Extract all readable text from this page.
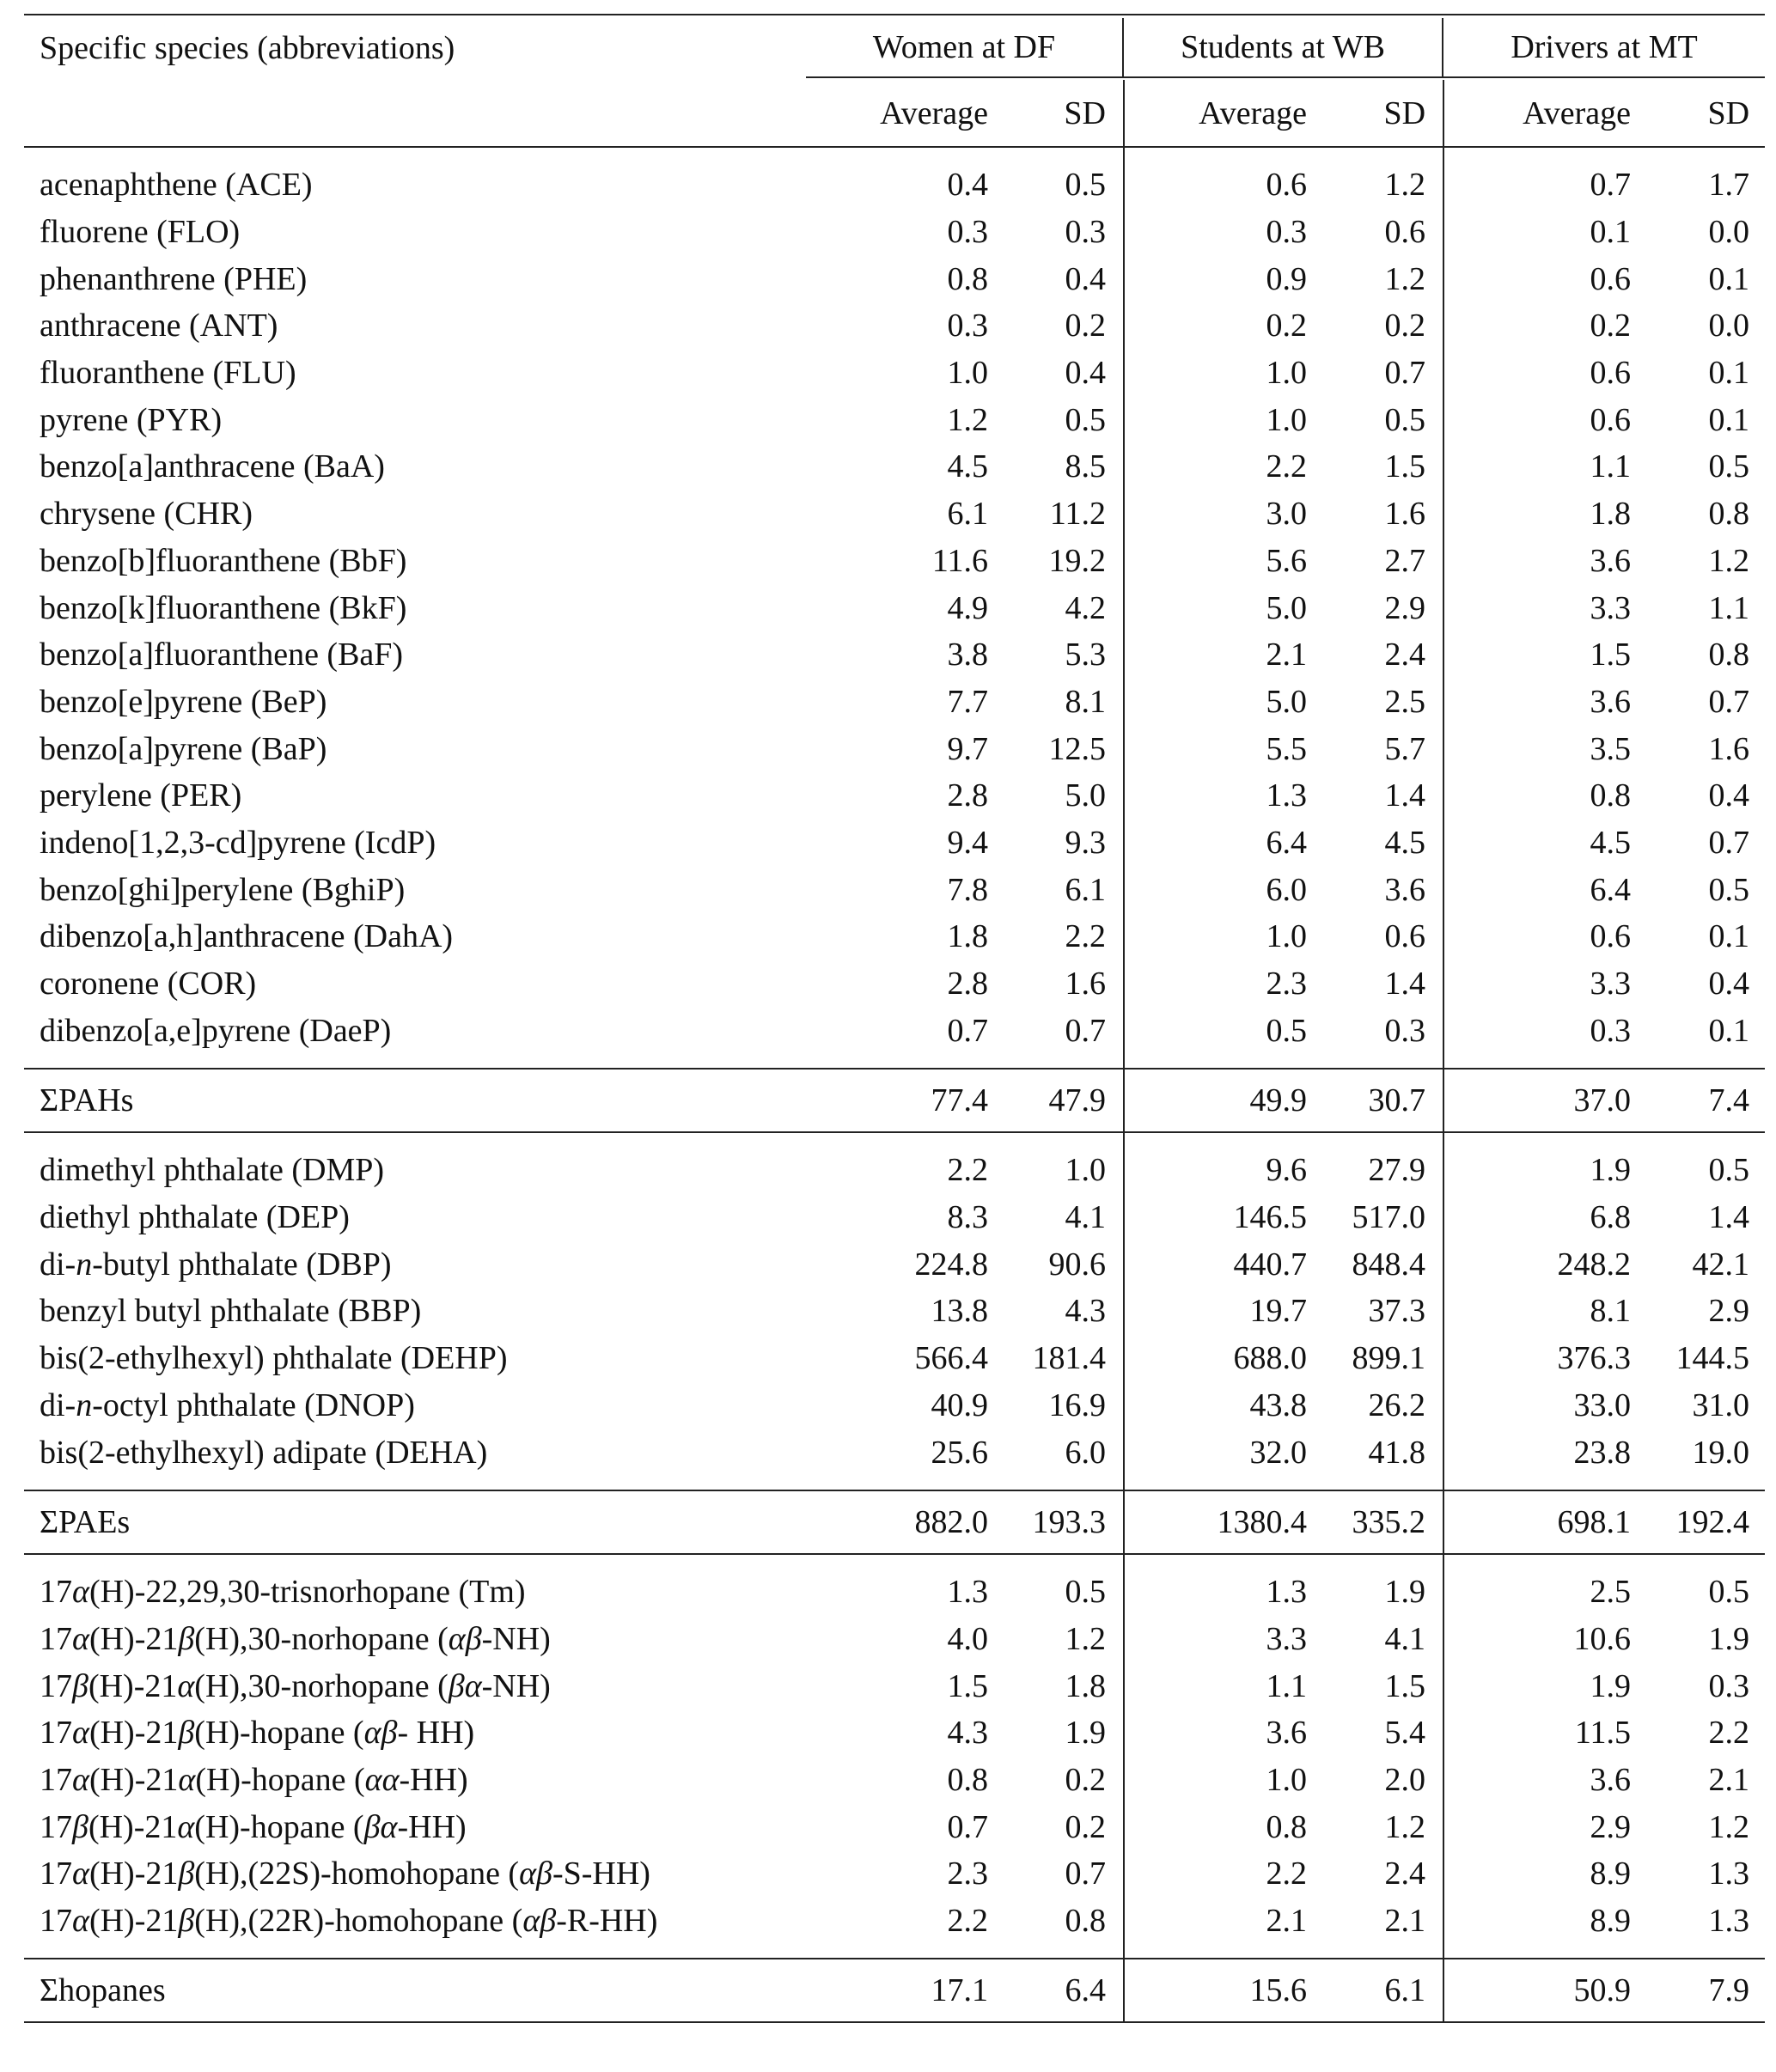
Specific species (abbreviations)	Women at DF		Students at WB		Drivers at MT	

	Average	SD	Average	SD	Average	SD

acenaphthene (ACE)	0.4	0.5	0.6	1.2	0.7	1.7
fluorene (FLO)	0.3	0.3	0.3	0.6	0.1	0.0
phenanthrene (PHE)	0.8	0.4	0.9	1.2	0.6	0.1
anthracene (ANT)	0.3	0.2	0.2	0.2	0.2	0.0
fluoranthene (FLU)	1.0	0.4	1.0	0.7	0.6	0.1
pyrene (PYR)	1.2	0.5	1.0	0.5	0.6	0.1
benzo[a]anthracene (BaA)	4.5	8.5	2.2	1.5	1.1	0.5
chrysene (CHR)	6.1	11.2	3.0	1.6	1.8	0.8
benzo[b]fluoranthene (BbF)	11.6	19.2	5.6	2.7	3.6	1.2
benzo[k]fluoranthene (BkF)	4.9	4.2	5.0	2.9	3.3	1.1
benzo[a]fluoranthene (BaF)	3.8	5.3	2.1	2.4	1.5	0.8
benzo[e]pyrene (BeP)	7.7	8.1	5.0	2.5	3.6	0.7
benzo[a]pyrene (BaP)	9.7	12.5	5.5	5.7	3.5	1.6
perylene (PER)	2.8	5.0	1.3	1.4	0.8	0.4
indeno[1,2,3-cd]pyrene (IcdP)	9.4	9.3	6.4	4.5	4.5	0.7
benzo[ghi]perylene (BghiP)	7.8	6.1	6.0	3.6	6.4	0.5
dibenzo[a,h]anthracene (DahA)	1.8	2.2	1.0	0.6	0.6	0.1
coronene (COR)	2.8	1.6	2.3	1.4	3.3	0.4
dibenzo[a,e]pyrene (DaeP)	0.7	0.7	0.5	0.3	0.3	0.1

ΣPAHs	77.4	47.9	49.9	30.7	37.0	7.4

dimethyl phthalate (DMP)	2.2	1.0	9.6	27.9	1.9	0.5
diethyl phthalate (DEP)	8.3	4.1	146.5	517.0	6.8	1.4
di-n-butyl phthalate (DBP)	224.8	90.6	440.7	848.4	248.2	42.1
benzyl butyl phthalate (BBP)	13.8	4.3	19.7	37.3	8.1	2.9
bis(2-ethylhexyl) phthalate (DEHP)	566.4	181.4	688.0	899.1	376.3	144.5
di-n-octyl phthalate (DNOP)	40.9	16.9	43.8	26.2	33.0	31.0
bis(2-ethylhexyl) adipate (DEHA)	25.6	6.0	32.0	41.8	23.8	19.0

ΣPAEs	882.0	193.3	1380.4	335.2	698.1	192.4

17α(H)-22,29,30-trisnorhopane (Tm)	1.3	0.5	1.3	1.9	2.5	0.5
17α(H)-21β(H),30-norhopane (αβ-NH)	4.0	1.2	3.3	4.1	10.6	1.9
17β(H)-21α(H),30-norhopane (βα-NH)	1.5	1.8	1.1	1.5	1.9	0.3
17α(H)-21β(H)-hopane (αβ- HH)	4.3	1.9	3.6	5.4	11.5	2.2
17α(H)-21α(H)-hopane (αα-HH)	0.8	0.2	1.0	2.0	3.6	2.1
17β(H)-21α(H)-hopane (βα-HH)	0.7	0.2	0.8	1.2	2.9	1.2
17α(H)-21β(H),(22S)-homohopane (αβ-S-HH)	2.3	0.7	2.2	2.4	8.9	1.3
17α(H)-21β(H),(22R)-homohopane (αβ-R-HH)	2.2	0.8	2.1	2.1	8.9	1.3

Σhopanes	17.1	6.4	15.6	6.1	50.9	7.9
